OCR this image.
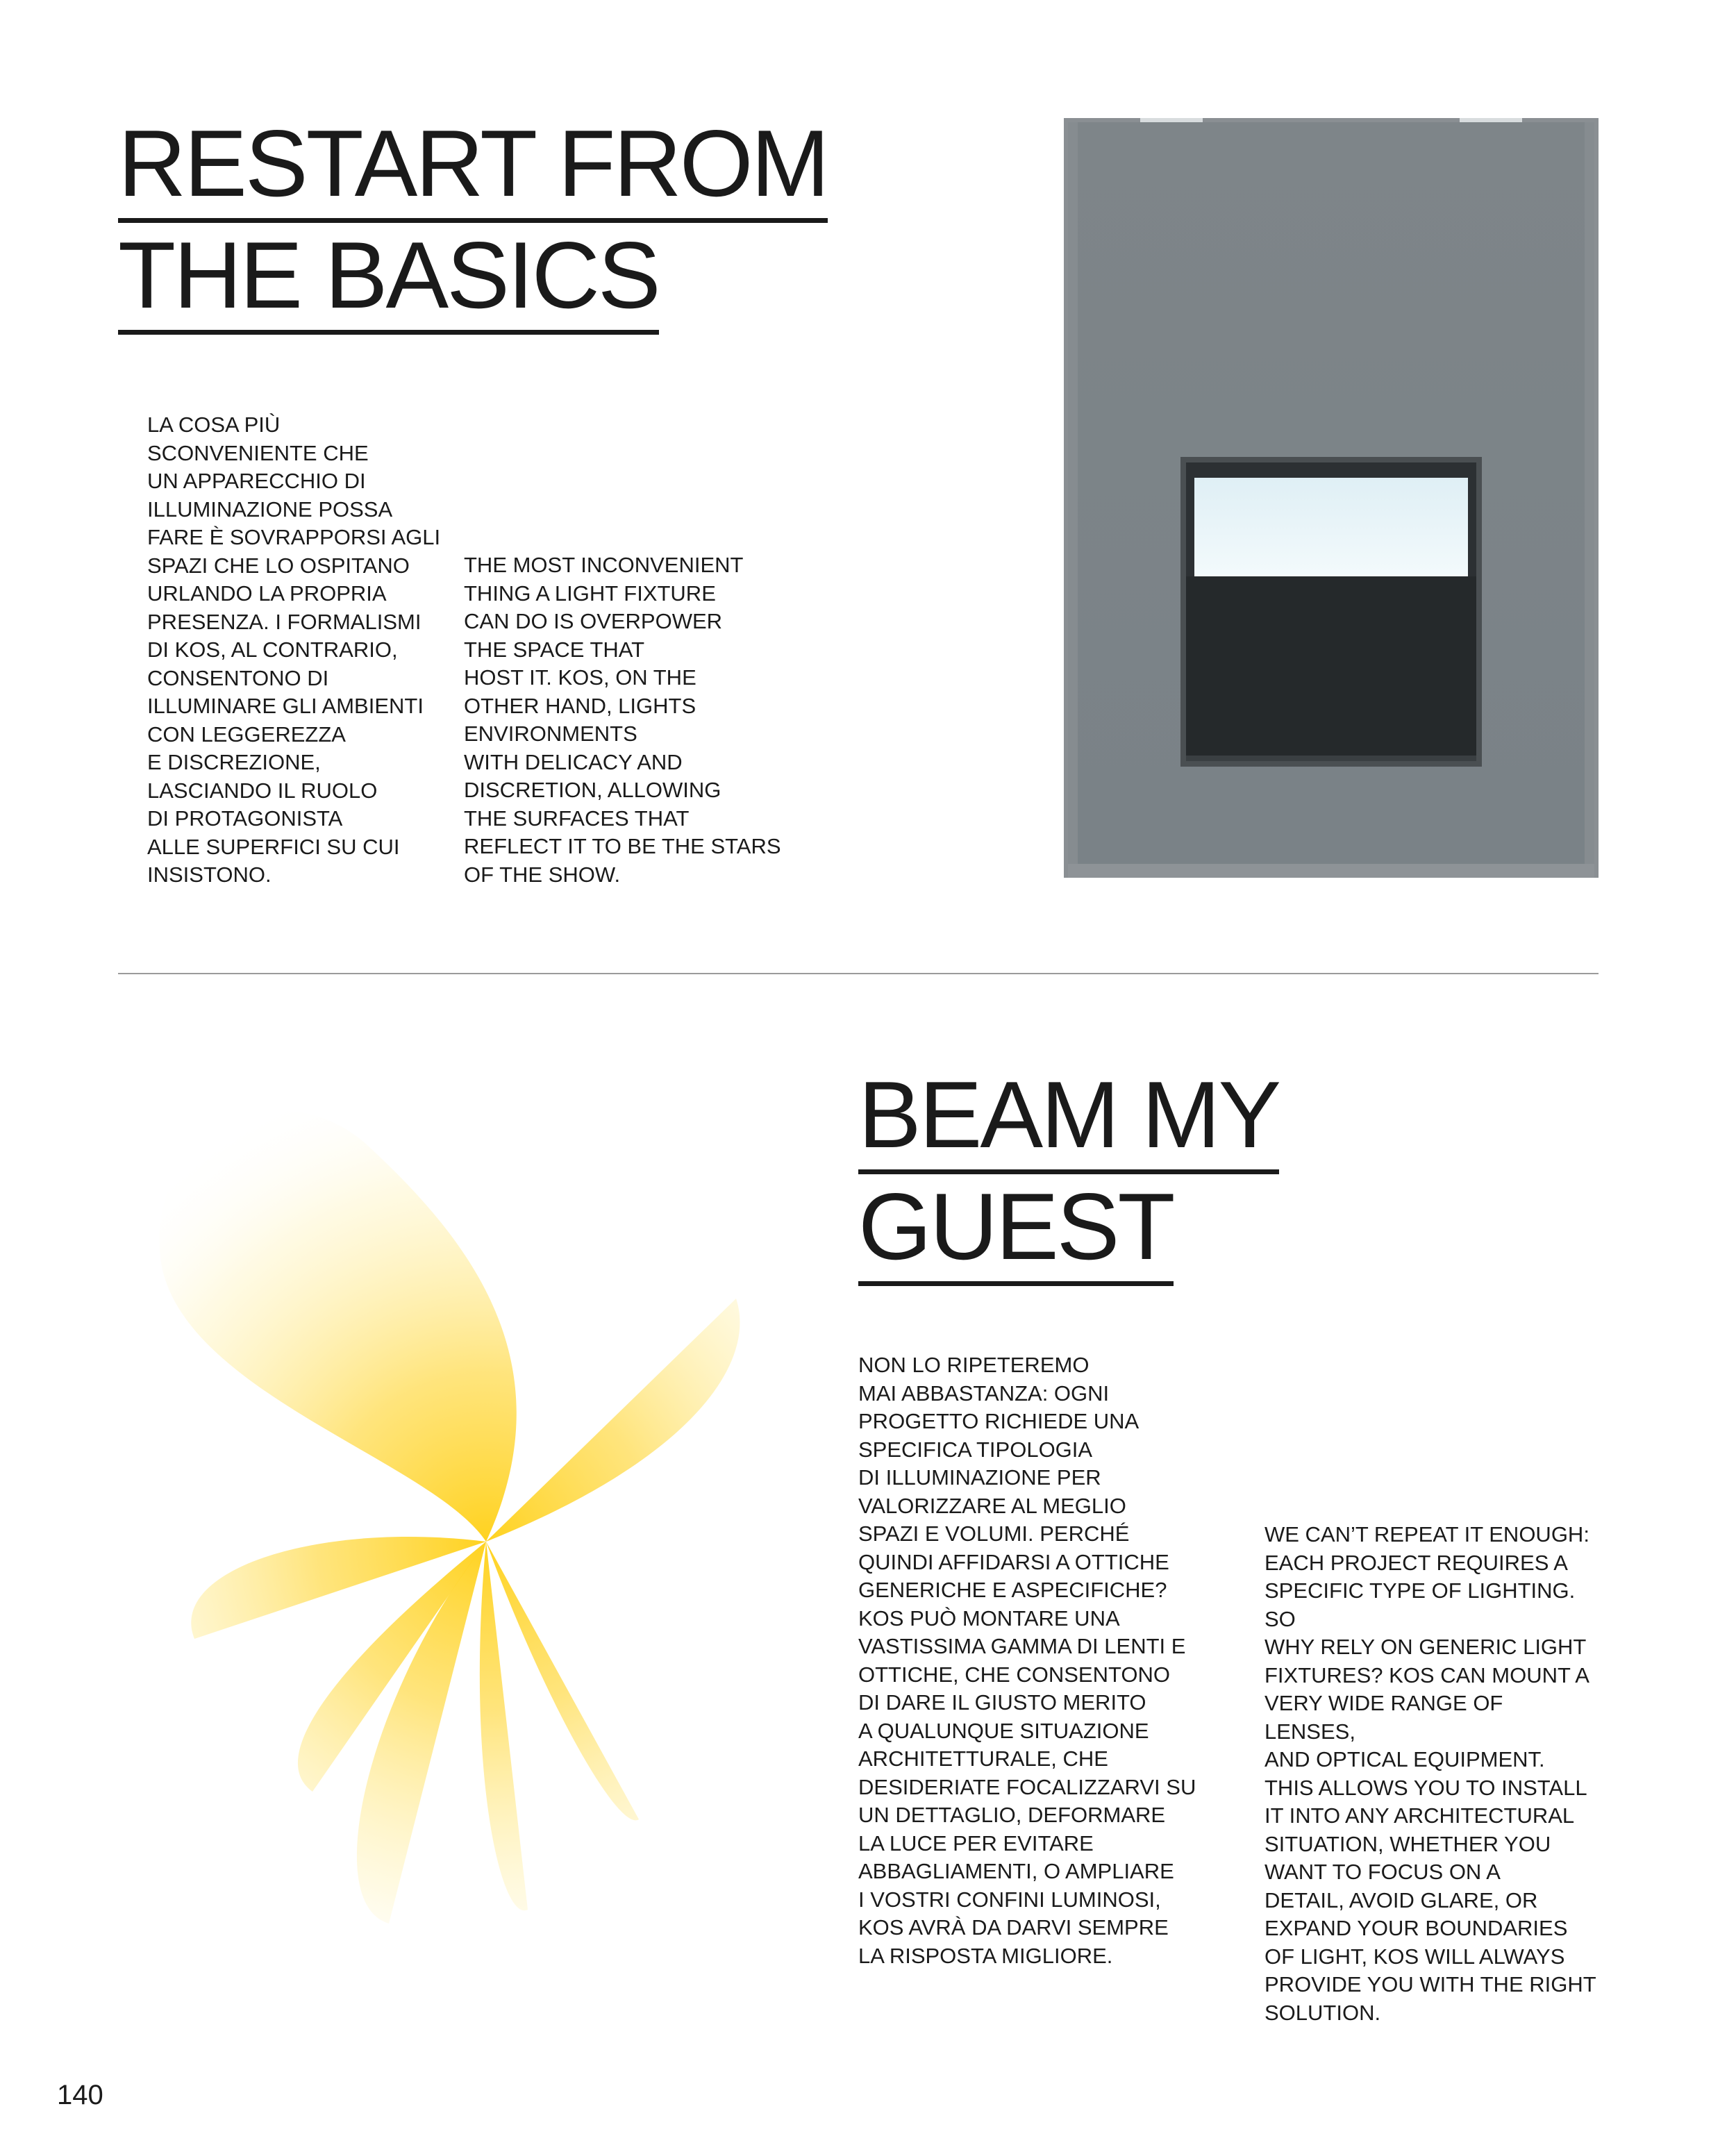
RESTART FROM
THE BASICS

LA COSA PIÙ
SCONVENIENTE CHE
UN APPARECCHIO DI
ILLUMINAZIONE POSSA
FARE È SOVRAPPORSI AGLI
SPAZI CHE LO OSPITANO
URLANDO LA PROPRIA
PRESENZA. I FORMALISMI
DI KOS, AL CONTRARIO,
CONSENTONO DI
ILLUMINARE GLI AMBIENTI
CON LEGGEREZZA
E DISCREZIONE,
LASCIANDO IL RUOLO
DI PROTAGONISTA
ALLE SUPERFICI SU CUI
INSISTONO.

THE MOST INCONVENIENT
THING A LIGHT FIXTURE
CAN DO IS OVERPOWER
THE SPACE THAT
HOST IT. KOS, ON THE
OTHER HAND, LIGHTS
ENVIRONMENTS
WITH DELICACY AND
DISCRETION, ALLOWING
THE SURFACES THAT
REFLECT IT TO BE THE STARS
OF THE SHOW.

BEAM MY
GUEST

NON LO RIPETEREMO
MAI ABBASTANZA: OGNI
PROGETTO RICHIEDE UNA
SPECIFICA TIPOLOGIA
DI ILLUMINAZIONE PER
VALORIZZARE AL MEGLIO
SPAZI E VOLUMI. PERCHÉ
QUINDI AFFIDARSI A OTTICHE
GENERICHE E ASPECIFICHE?
KOS PUÒ MONTARE UNA
VASTISSIMA GAMMA DI LENTI E
OTTICHE, CHE CONSENTONO
DI DARE IL GIUSTO MERITO
A QUALUNQUE SITUAZIONE
ARCHITETTURALE, CHE
DESIDERIATE FOCALIZZARVI SU
UN DETTAGLIO, DEFORMARE
LA LUCE PER EVITARE
ABBAGLIAMENTI, O AMPLIARE
I VOSTRI CONFINI LUMINOSI,
KOS AVRÀ DA DARVI SEMPRE
LA RISPOSTA MIGLIORE.

WE CAN’T REPEAT IT ENOUGH:
EACH PROJECT REQUIRES A
SPECIFIC TYPE OF LIGHTING. SO
WHY RELY ON GENERIC LIGHT
FIXTURES? KOS CAN MOUNT A
VERY WIDE RANGE OF LENSES,
AND OPTICAL EQUIPMENT.
THIS ALLOWS YOU TO INSTALL
IT INTO ANY ARCHITECTURAL
SITUATION, WHETHER YOU
WANT TO FOCUS ON A
DETAIL, AVOID GLARE, OR
EXPAND YOUR BOUNDARIES
OF LIGHT, KOS WILL ALWAYS
PROVIDE YOU WITH THE RIGHT
SOLUTION.

140
